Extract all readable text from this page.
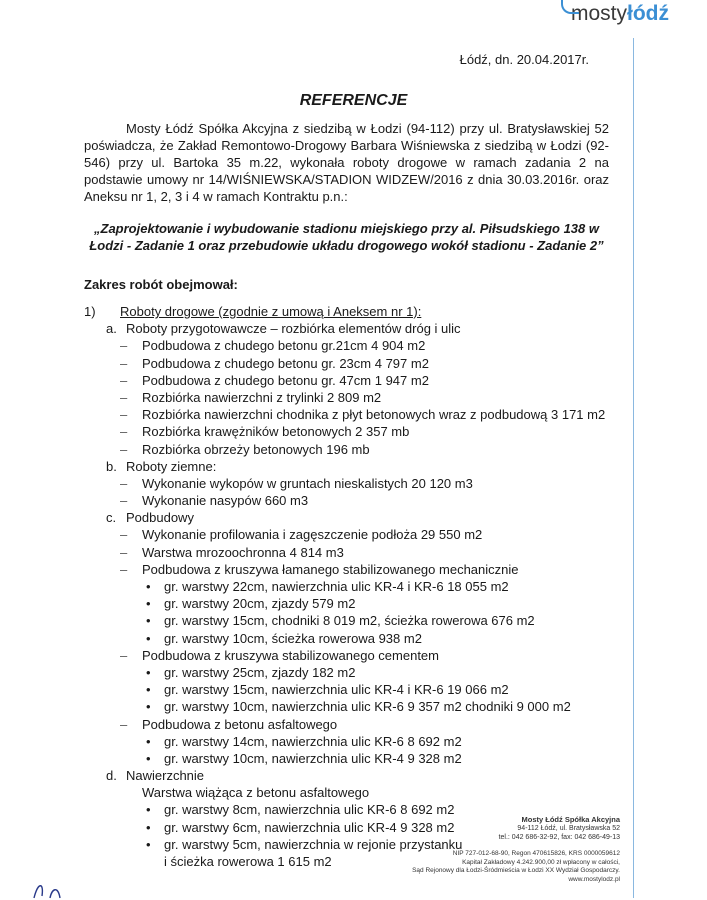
mostyłódź
Łódź, dn. 20.04.2017r.
REFERENCJE

Mosty Łódź Spółka Akcyjna z siedzibą w Łodzi (94-112) przy ul. Bratysławskiej 52 poświadcza, że Zakład Remontowo-Drogowy Barbara Wiśniewska z siedzibą w Łodzi (92-546) przy ul. Bartoka 35 m.22, wykonała roboty drogowe w ramach zadania 2 na podstawie umowy nr 14/WIŚNIEWSKA/STADION WIDZEW/2016 z dnia 30.03.2016r. oraz Aneksu nr 1, 2, 3 i 4 w ramach Kontraktu p.n.:

„Zaprojektowanie i wybudowanie stadionu miejskiego przy al. Piłsudskiego 138 w Łodzi - Zadanie 1 oraz przebudowie układu drogowego wokół stadionu - Zadanie 2”
Zakres robót obejmował:
1) Roboty drogowe (zgodnie z umową i Aneksem nr 1):
a. Roboty przygotowawcze – rozbiórka elementów dróg i ulic
– Podbudowa z chudego betonu gr.21cm 4 904 m2
– Podbudowa z chudego betonu gr. 23cm 4 797 m2
– Podbudowa z chudego betonu gr. 47cm 1 947 m2
– Rozbiórka nawierzchni z trylinki 2 809 m2
– Rozbiórka nawierzchni chodnika z płyt betonowych wraz z podbudową 3 171 m2
– Rozbiórka krawężników betonowych 2 357 mb
– Rozbiórka obrzeży betonowych 196 mb
b. Roboty ziemne:
– Wykonanie wykopów w gruntach nieskalistych 20 120 m3
– Wykonanie nasypów 660 m3
c. Podbudowy
– Wykonanie profilowania i zagęszczenie podłoża 29 550 m2
– Warstwa mrozoochronna 4 814 m3
– Podbudowa z kruszywa łamanego stabilizowanego mechanicznie
• gr. warstwy 22cm, nawierzchnia ulic KR-4 i KR-6 18 055 m2
• gr. warstwy 20cm, zjazdy 579 m2
• gr. warstwy 15cm, chodniki 8 019 m2, ścieżka rowerowa 676 m2
• gr. warstwy 10cm, ścieżka rowerowa 938 m2
– Podbudowa z kruszywa stabilizowanego cementem
• gr. warstwy 25cm, zjazdy 182 m2
• gr. warstwy 15cm, nawierzchnia ulic KR-4 i KR-6 19 066 m2
• gr. warstwy 10cm, nawierzchnia ulic KR-6 9 357 m2 chodniki 9 000 m2
– Podbudowa z betonu asfaltowego
• gr. warstwy 14cm, nawierzchnia ulic KR-6 8 692 m2
• gr. warstwy 10cm, nawierzchnia ulic KR-4 9 328 m2
d. Nawierzchnie
Warstwa wiążąca z betonu asfaltowego
• gr. warstwy 8cm, nawierzchnia ulic KR-6 8 692 m2
• gr. warstwy 6cm, nawierzchnia ulic KR-4 9 328 m2
• gr. warstwy 5cm, nawierzchnia w rejonie przystanku
i ścieżka rowerowa 1 615 m2
Mosty Łódź Spółka Akcyjna
94-112 Łódź, ul. Bratysławska 52
tel.: 042 686-32-92, fax: 042 686-49-13
NIP 727-012-68-90, Regon 470615826, KRS 0000059612
Kapitał Zakładowy 4.242.900,00 zł wpłacony w całości,
Sąd Rejonowy dla Łodzi-Śródmieścia w Łodzi XX Wydział Gospodarczy.
www.mostylodz.pl
